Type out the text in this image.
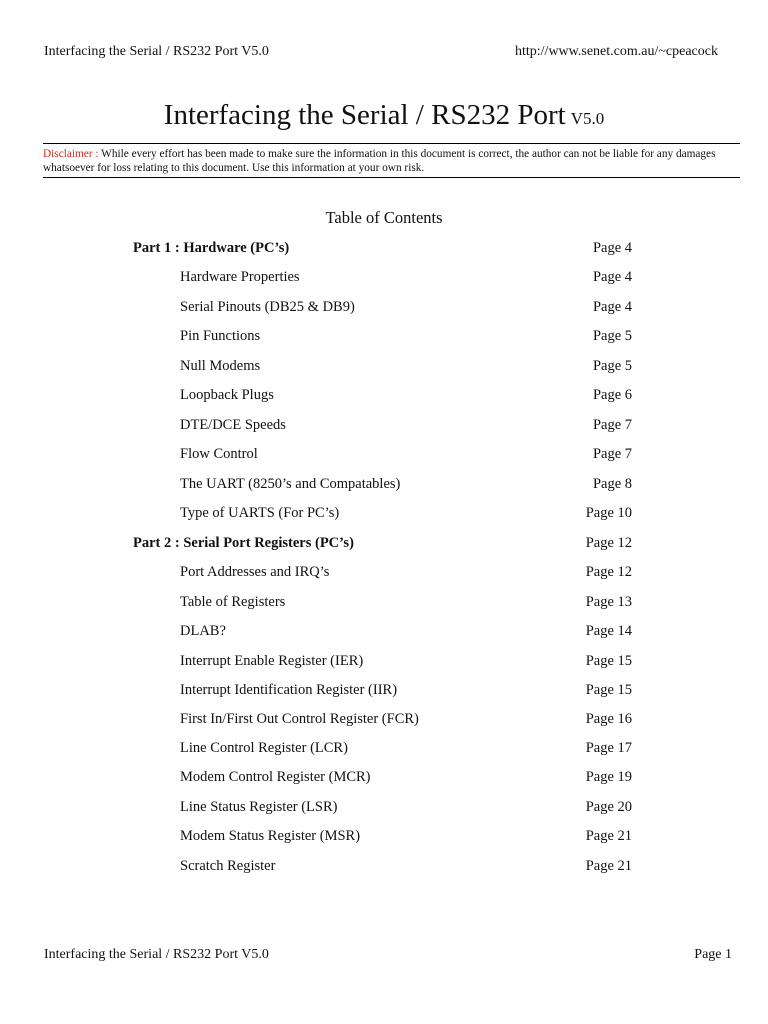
Interfacing the Serial / RS232 Port V5.0	http://www.senet.com.au/~cpeacock
Interfacing the Serial / RS232 Port V5.0
Disclaimer : While every effort has been made to make sure the information in this document is correct, the author can not be liable for any damages whatsoever for loss relating to this document. Use this information at your own risk.
Table of Contents
Part 1 : Hardware (PC’s)	Page 4
Hardware Properties	Page 4
Serial Pinouts (DB25 & DB9)	Page 4
Pin Functions	Page 5
Null Modems	Page 5
Loopback Plugs	Page 6
DTE/DCE Speeds	Page 7
Flow Control	Page 7
The UART (8250’s and Compatables)	Page 8
Type of UARTS (For PC’s)	Page 10
Part 2 : Serial Port Registers (PC’s)	Page 12
Port Addresses and IRQ’s	Page 12
Table of Registers	Page 13
DLAB?	Page 14
Interrupt Enable Register (IER)	Page 15
Interrupt Identification Register (IIR)	Page 15
First In/First Out Control Register (FCR)	Page 16
Line Control Register (LCR)	Page 17
Modem Control Register (MCR)	Page 19
Line Status Register (LSR)	Page 20
Modem Status Register (MSR)	Page 21
Scratch Register	Page 21
Interfacing the Serial / RS232 Port V5.0	Page 1
